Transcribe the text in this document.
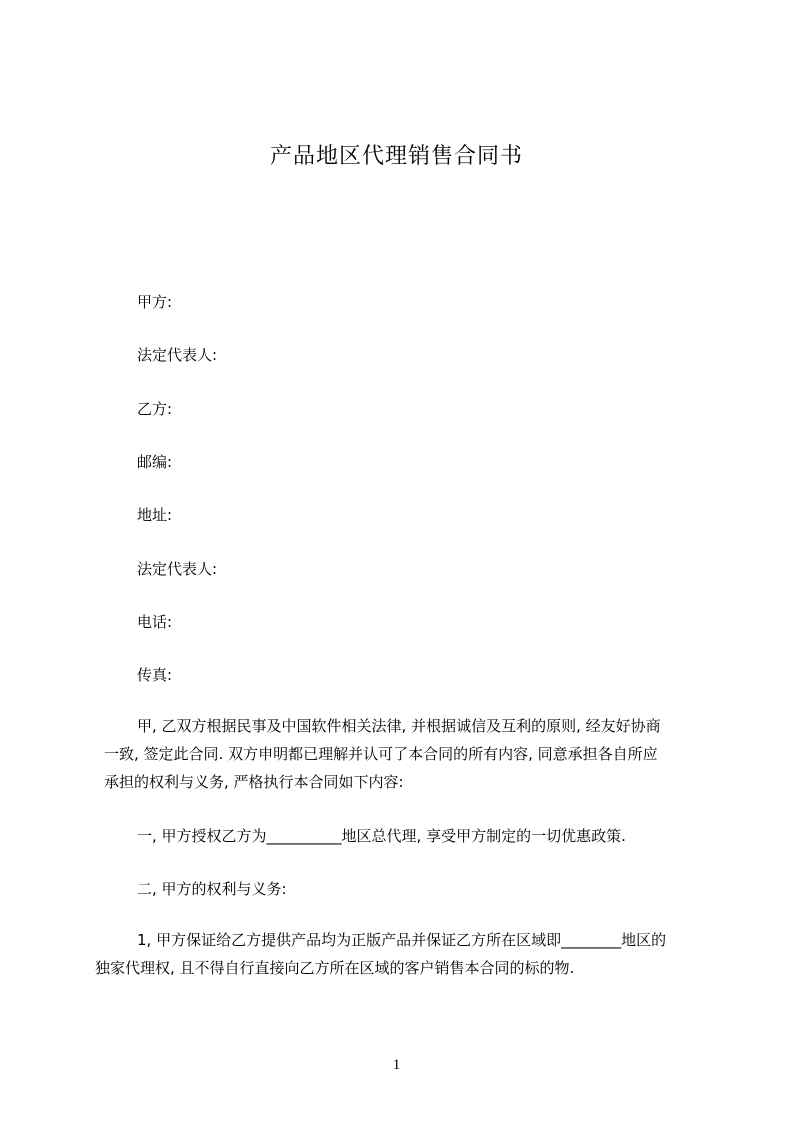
产品地区代理销售合同书
甲方:
法定代表人:
乙方:
邮编:
地址:
法定代表人:
电话:
传真:
甲, 乙双方根据民事及中国软件相关法律, 并根据诚信及互利的原则, 经友好协商
一致, 签定此合同. 双方申明都已理解并认可了本合同的所有内容, 同意承担各自所应
承担的权利与义务, 严格执行本合同如下内容:
一, 甲方授权乙方为__________地区总代理, 享受甲方制定的一切优惠政策.
二, 甲方的权利与义务:
1, 甲方保证给乙方提供产品均为正版产品并保证乙方所在区域即________地区的
独家代理权, 且不得自行直接向乙方所在区域的客户销售本合同的标的物.
1
